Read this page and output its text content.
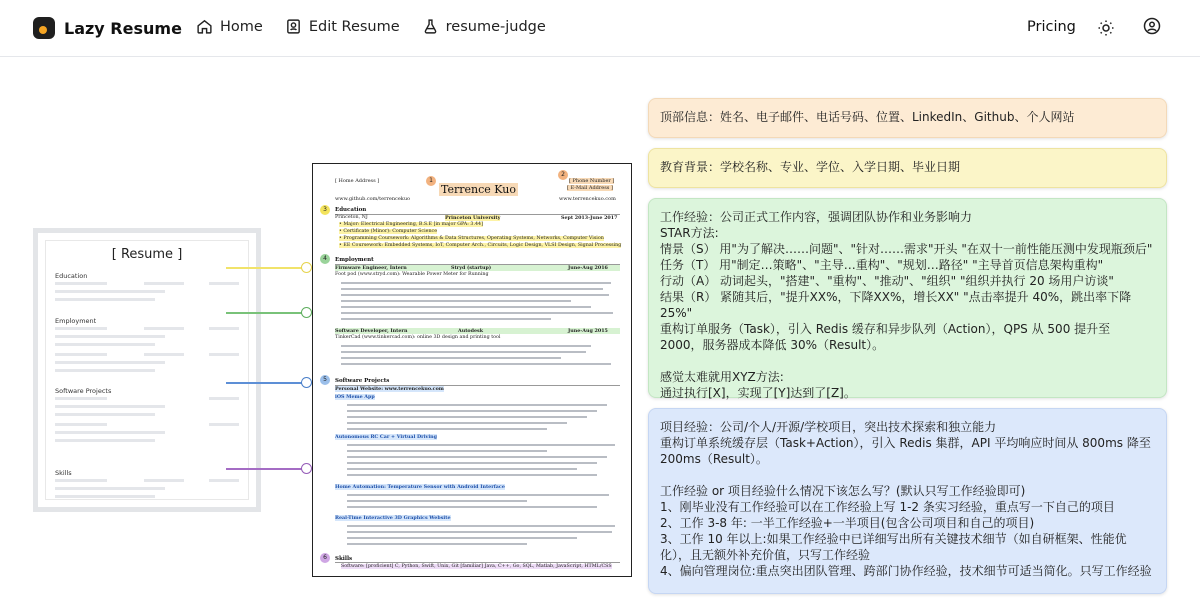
Lazy Resume	Home	Edit Resume	resume-judge	Pricing
[ Resume ]
Education
Employment
Software Projects
Skills
[ Home Address ]	1
Terrence Kuo
2
[ Phone Number ]
[ E-Mail Address ]
www.github.com/terrencekuo	www.terrencekuo.com
3	Education
Princeton, NJ	Princeton University	Sept 2013-June 2017
• Major: Electrical Engineering, B.S.E [in major GPA: 3.44]
• Certificate (Minor): Computer Science
• Programming Coursework: Algorithms & Data Structures, Operating Systems, Networks, Computer Vision
• EE Coursework: Embedded Systems, IoT, Computer Arch., Circuits, Logic Design, VLSI Design, Signal Processing
4	Employment
Firmware Engineer, Intern	Stryd (startup)	June-Aug 2016
Foot pod (www.stryd.com): Wearable Power Meter for Running
Software Developer, Intern	Autodesk	June-Aug 2015
TinkerCad (www.tinkercad.com): online 3D design and printing tool
5	Software Projects
Personal Website: www.terrencekuo.com
iOS Meme App
Autonomous RC Car + Virtual Driving
Home Automation: Temperature Sensor with Android Interface
Real-Time Interactive 3D Graphics Website
6	Skills
Software: [proficient] C, Python, Swift, Unix, Git [familiar] Java, C++, Go, SQL, Matlab, JavaScript, HTML/CSS

顶部信息：姓名、电子邮件、电话号码、位置、LinkedIn、Github、个人网站

教育背景：学校名称、专业、学位、入学日期、毕业日期

工作经验：公司正式工作内容，强调团队协作和业务影响力
STAR方法:
情景（S） 用"为了解决……问题"、"针对……需求"开头 "在双十一前性能压测中发现瓶颈后"
任务（T） 用"制定…策略"、"主导…重构"、"规划…路径" "主导首页信息架构重构"
行动（A） 动词起头，"搭建"、"重构"、"推动"、"组织" "组织并执行 20 场用户访谈"
结果（R） 紧随其后，"提升XX%，下降XX%，增长XX" "点击率提升 40%，跳出率下降 25%"
重构订单服务（Task），引入 Redis 缓存和异步队列（Action），QPS 从 500 提升至 2000，服务器成本降低 30%（Result）。

感觉太难就用XYZ方法:
通过执行[X]，实现了[Y]达到了[Z]。

项目经验：公司/个人/开源/学校项目，突出技术探索和独立能力
重构订单系统缓存层（Task+Action），引入 Redis 集群，API 平均响应时间从 800ms 降至 200ms（Result）。

工作经验 or 项目经验什么情况下该怎么写？(默认只写工作经验即可)
1、刚毕业没有工作经验可以在工作经验上写 1-2 条实习经验，重点写一下自己的项目
2、工作 3-8 年: 一半工作经验+一半项目(包含公司项目和自己的项目)
3、工作 10 年以上:如果工作经验中已详细写出所有关键技术细节（如自研框架、性能优化），且无额外补充价值，只写工作经验
4、偏向管理岗位:重点突出团队管理、跨部门协作经验，技术细节可适当简化。只写工作经验
